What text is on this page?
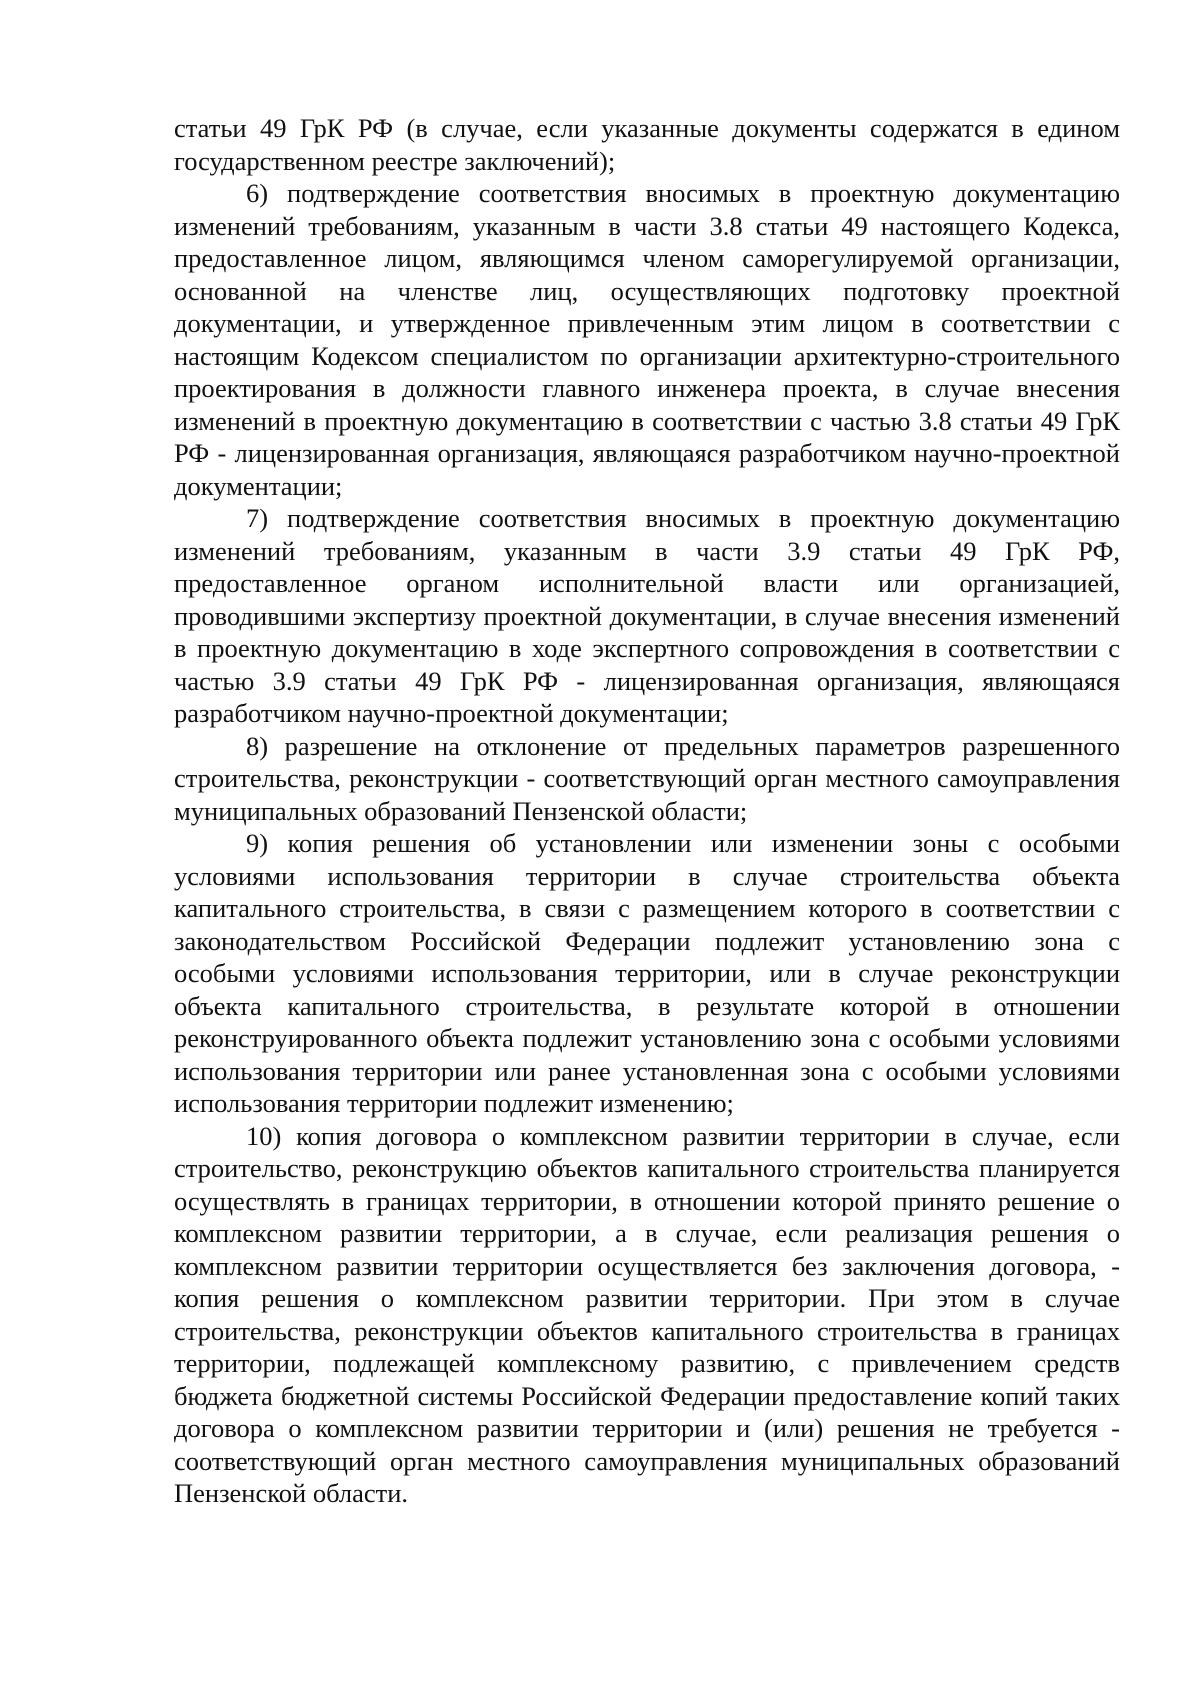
статьи 49 ГрК РФ (в случае, если указанные документы содержатся в едином государственном реестре заключений);

6) подтверждение соответствия вносимых в проектную документацию изменений требованиям, указанным в части 3.8 статьи 49 настоящего Кодекса, предоставленное лицом, являющимся членом саморегулируемой организации, основанной на членстве лиц, осуществляющих подготовку проектной документации, и утвержденное привлеченным этим лицом в соответствии с настоящим Кодексом специалистом по организации архитектурно-строительного проектирования в должности главного инженера проекта, в случае внесения изменений в проектную документацию в соответствии с частью 3.8 статьи 49 ГрК РФ - лицензированная организация, являющаяся разработчиком научно-проектной документации;

7) подтверждение соответствия вносимых в проектную документацию изменений требованиям, указанным в части 3.9 статьи 49 ГрК РФ, предоставленное органом исполнительной власти или организацией, проводившими экспертизу проектной документации, в случае внесения изменений в проектную документацию в ходе экспертного сопровождения в соответствии с частью 3.9 статьи 49 ГрК РФ - лицензированная организация, являющаяся разработчиком научно-проектной документации;

8) разрешение на отклонение от предельных параметров разрешенного строительства, реконструкции - соответствующий орган местного самоуправления муниципальных образований Пензенской области;

9) копия решения об установлении или изменении зоны с особыми условиями использования территории в случае строительства объекта капитального строительства, в связи с размещением которого в соответствии с законодательством Российской Федерации подлежит установлению зона с особыми условиями использования территории, или в случае реконструкции объекта капитального строительства, в результате которой в отношении реконструированного объекта подлежит установлению зона с особыми условиями использования территории или ранее установленная зона с особыми условиями использования территории подлежит изменению;

10) копия договора о комплексном развитии территории в случае, если строительство, реконструкцию объектов капитального строительства планируется осуществлять в границах территории, в отношении которой принято решение о комплексном развитии территории, а в случае, если реализация решения о комплексном развитии территории осуществляется без заключения договора, - копия решения о комплексном развитии территории. При этом в случае строительства, реконструкции объектов капитального строительства в границах территории, подлежащей комплексному развитию, с привлечением средств бюджета бюджетной системы Российской Федерации предоставление копий таких договора о комплексном развитии территории и (или) решения не требуется - соответствующий орган местного самоуправления муниципальных образований Пензенской области.
